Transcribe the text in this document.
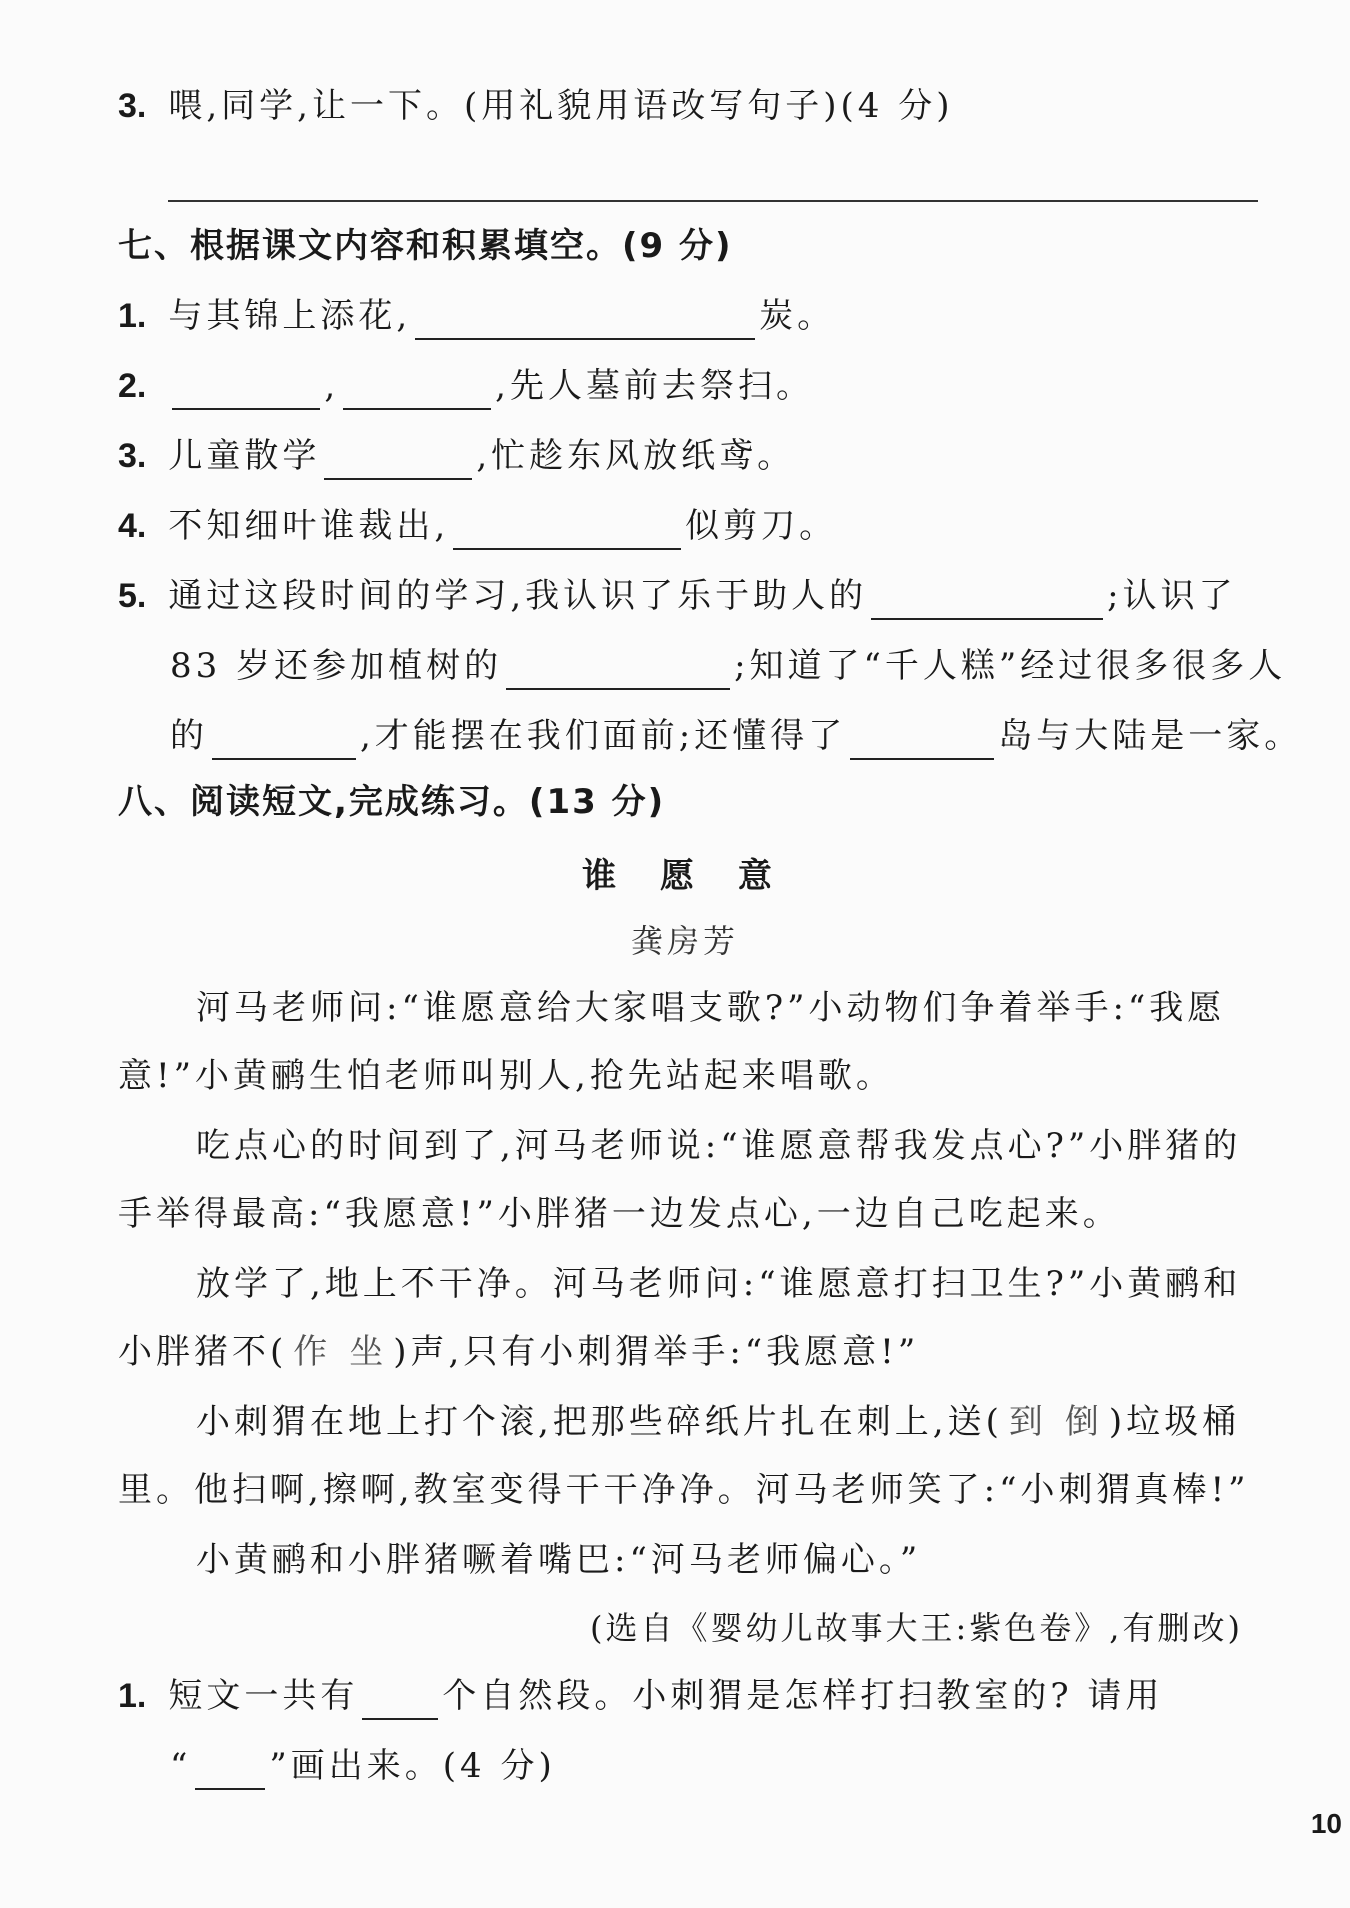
3. 喂,同学,让一下。(用礼貌用语改写句子)(4 分)
七、根据课文内容和积累填空。(9 分)
1. 与其锦上添花,	炭。
2.	,	,先人墓前去祭扫。
3. 儿童散学	,忙趁东风放纸鸢。
4. 不知细叶谁裁出,	似剪刀。
5. 通过这段时间的学习,我认识了乐于助人的	;认识了
83 岁还参加植树的	;知道了“千人糕”经过很多很多人
的	,才能摆在我们面前;还懂得了	岛与大陆是一家。
八、阅读短文,完成练习。(13 分)
谁 愿 意
龚房芳
河马老师问:“谁愿意给大家唱支歌?”小动物们争着举手:“我愿
意!”小黄鹂生怕老师叫别人,抢先站起来唱歌。
吃点心的时间到了,河马老师说:“谁愿意帮我发点心?”小胖猪的
手举得最高:“我愿意!”小胖猪一边发点心,一边自己吃起来。
放学了,地上不干净。河马老师问:“谁愿意打扫卫生?”小黄鹂和
小胖猪不( 作 坐 )声,只有小刺猬举手:“我愿意!”
小刺猬在地上打个滚,把那些碎纸片扎在刺上,送( 到 倒 )垃圾桶
里。他扫啊,擦啊,教室变得干干净净。河马老师笑了:“小刺猬真棒!”
小黄鹂和小胖猪噘着嘴巴:“河马老师偏心。”
(选自《婴幼儿故事大王:紫色卷》,有删改)
1. 短文一共有 个自然段。小刺猬是怎样打扫教室的? 请用
“ ”画出来。(4 分)
10
